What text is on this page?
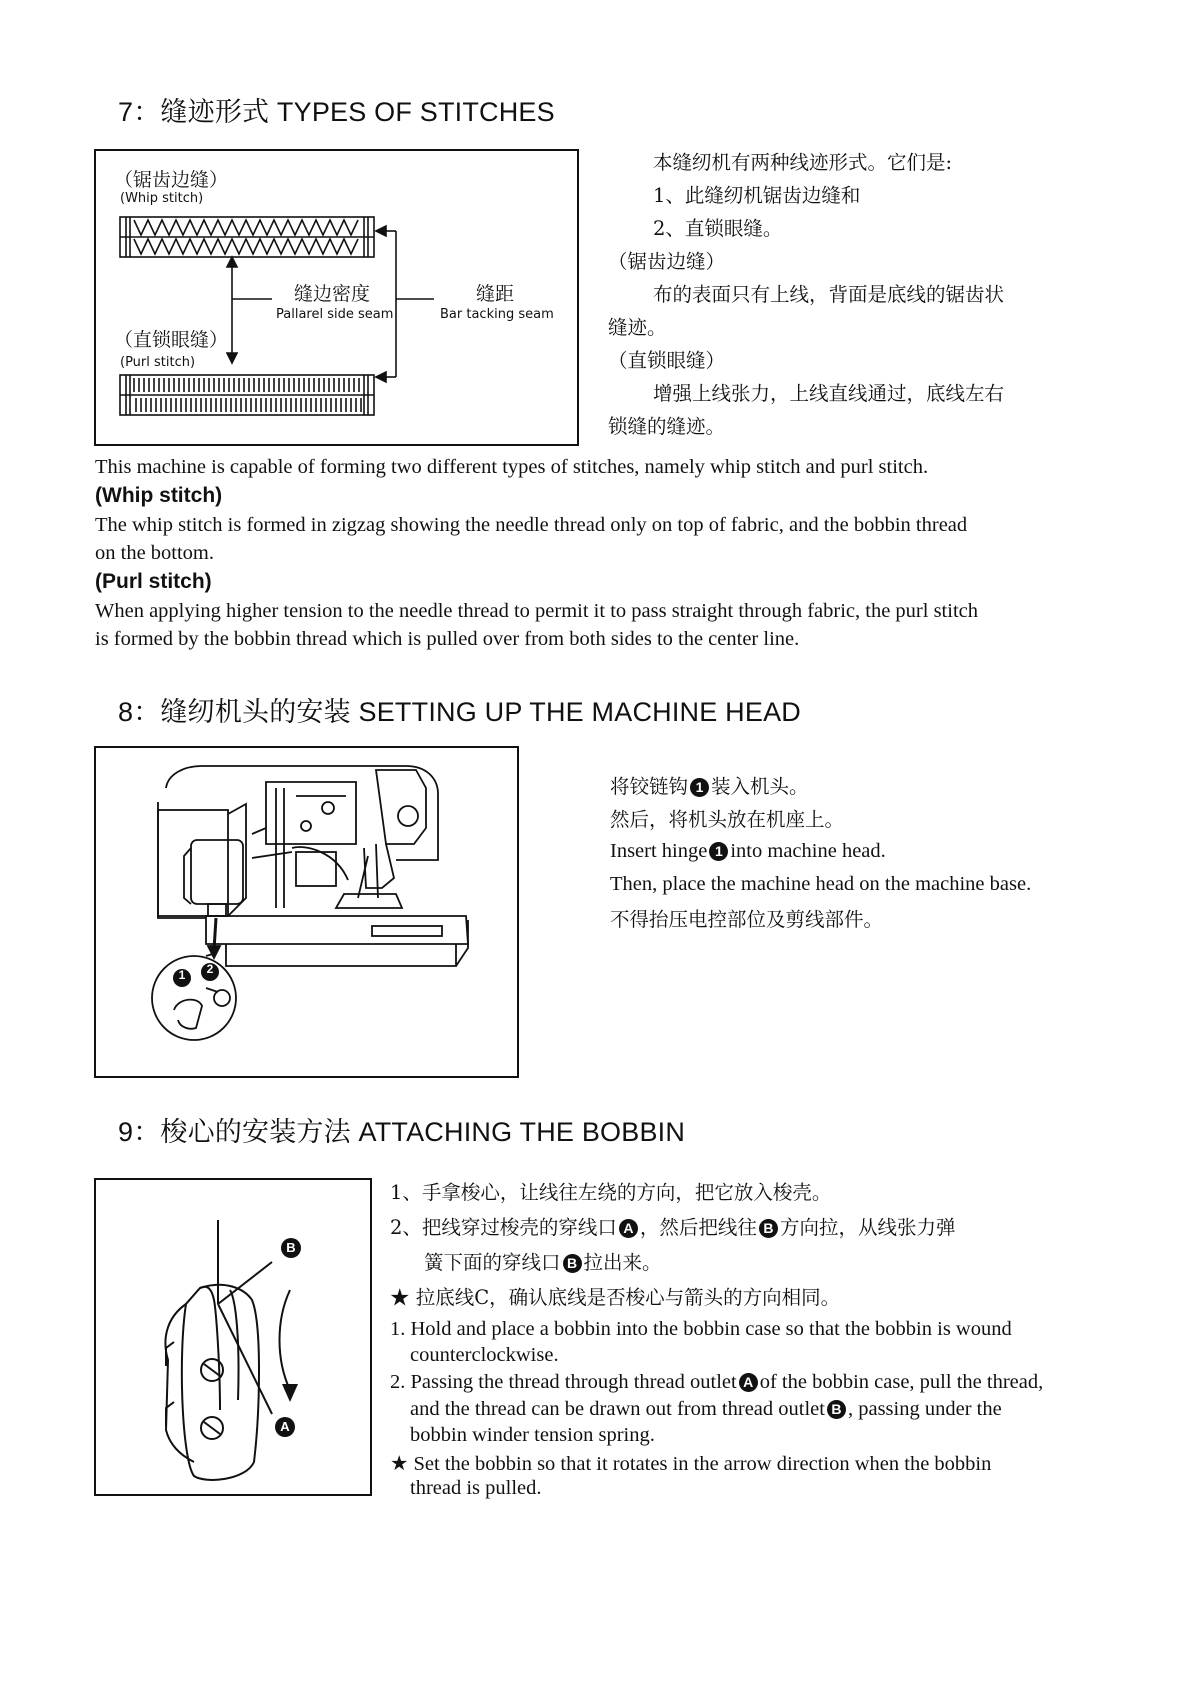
7：缝迹形式 TYPES OF STITCHES
（锯齿边缝）
(Whip stitch)
缝边密度
Pallarel side seam
缝距
Bar tacking seam
（直锁眼缝）
(Purl stitch)
本缝纫机有两种线迹形式。它们是:
1、此缝纫机锯齿边缝和
2、直锁眼缝。
（锯齿边缝）
布的表面只有上线，背面是底线的锯齿状
缝迹。
（直锁眼缝）
增强上线张力，上线直线通过，底线左右
锁缝的缝迹。
This machine is capable of forming two different types of stitches, namely whip stitch and purl stitch.
(Whip stitch)
The whip stitch is formed in zigzag showing the needle thread only on top of fabric, and the bobbin thread
on the bottom.
(Purl stitch)
When applying higher tension to the needle thread to permit it to pass straight through fabric, the purl stitch
is formed by the bobbin thread which is pulled over from both sides to the center line.
8：缝纫机头的安装 SETTING UP THE MACHINE HEAD
1 2
将铰链钩 1 装入机头。
然后，将机头放在机座上。
Insert hinge 1 into machine head.
Then, place the machine head on the machine base.
不得抬压电控部位及剪线部件。
9：梭心的安装方法 ATTACHING THE BOBBIN
B
A
1、手拿梭心，让线往左绕的方向，把它放入梭壳。
2、把线穿过梭壳的穿线口 A ，然后把线往 B 方向拉，从线张力弹
簧下面的穿线口 B 拉出来。
★ 拉底线C，确认底线是否梭心与箭头的方向相同。
1. Hold and place a bobbin into the bobbin case so that the bobbin is wound
counterclockwise.
2. Passing the thread through thread outlet A of the bobbin case, pull the thread,
and the thread can be drawn out from thread outlet B , passing under the
bobbin winder tension spring.
★ Set the bobbin so that it rotates in the arrow direction when the bobbin
thread is pulled.
